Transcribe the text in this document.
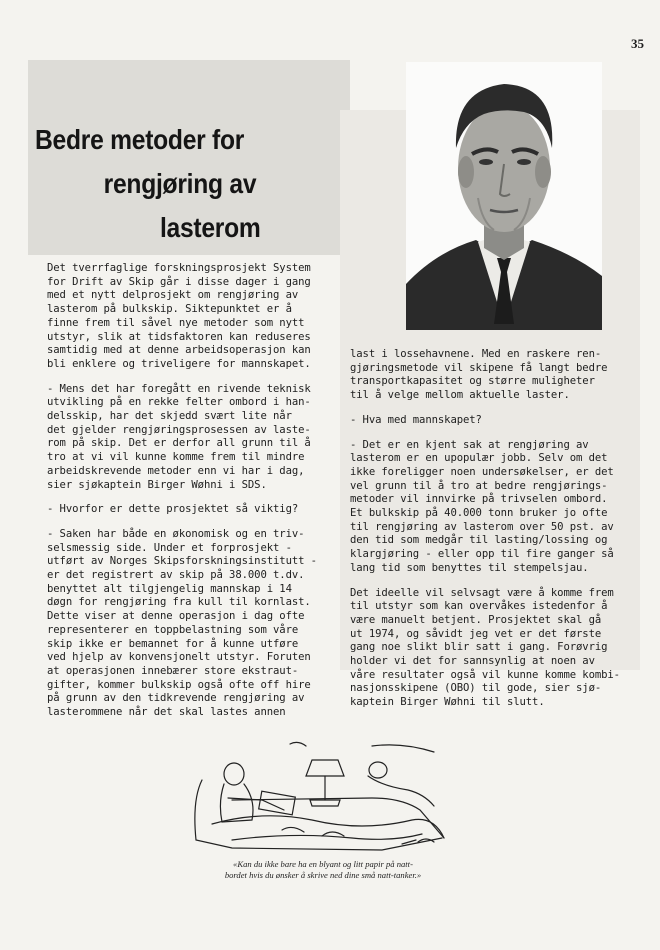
35
Bedre metoder for
rengjøring av
lasterom

Det tverrfaglige forskningsprosjekt System
for Drift av Skip går i disse dager i gang
med et nytt delprosjekt om rengjøring av
lasterom på bulkskip. Siktepunktet er å
finne frem til såvel nye metoder som nytt
utstyr, slik at tidsfaktoren kan reduseres
samtidig med at denne arbeidsoperasjon kan
bli enklere og triveligere for mannskapet.

- Mens det har foregått en rivende teknisk
utvikling på en rekke felter ombord i han-
delsskip, har det skjedd svært lite når
det gjelder rengjøringsprosessen av laste-
rom på skip. Det er derfor all grunn til å
tro at vi vil kunne komme frem til mindre
arbeidskrevende metoder enn vi har i dag,
sier sjøkaptein Birger Wøhni i SDS.

- Hvorfor er dette prosjektet så viktig?

- Saken har både en økonomisk og en triv-
selsmessig side. Under et forprosjekt -
utført av Norges Skipsforskningsinstitutt -
er det registrert av skip på 38.000 t.dv.
benyttet alt tilgjengelig mannskap i 14
døgn for rengjøring fra kull til kornlast.
Dette viser at denne operasjon i dag ofte
representerer en toppbelastning som våre
skip ikke er bemannet for å kunne utføre
ved hjelp av konvensjonelt utstyr. Foruten
at operasjonen innebærer store ekstraut-
gifter, kommer bulkskip også ofte off hire
på grunn av den tidkrevende rengjøring av
lasterommene når det skal lastes annen

last i lossehavnene. Med en raskere ren-
gjøringsmetode vil skipene få langt bedre
transportkapasitet og større muligheter
til å velge mellom aktuelle laster.

- Hva med mannskapet?

- Det er en kjent sak at rengjøring av
lasterom er en upopulær jobb. Selv om det
ikke foreligger noen undersøkelser, er det
vel grunn til å tro at bedre rengjørings-
metoder vil innvirke på trivselen ombord.
Et bulkskip på 40.000 tonn bruker jo ofte
til rengjøring av lasterom over 50 pst. av
den tid som medgår til lasting/lossing og
klargjøring - eller opp til fire ganger så
lang tid som benyttes til stempelsjau.

Det ideelle vil selvsagt være å komme frem
til utstyr som kan overvåkes istedenfor å
være manuelt betjent. Prosjektet skal gå
ut 1974, og såvidt jeg vet er det første
gang noe slikt blir satt i gang. Forøvrig
holder vi det for sannsynlig at noen av
våre resultater også vil kunne komme kombi-
nasjonsskipene (OBO) til gode, sier sjø-
kaptein Birger Wøhni til slutt.

«Kan du ikke bare ha en blyant og litt papir på natt-
bordet hvis du ønsker å skrive ned dine små natt-tanker.»
